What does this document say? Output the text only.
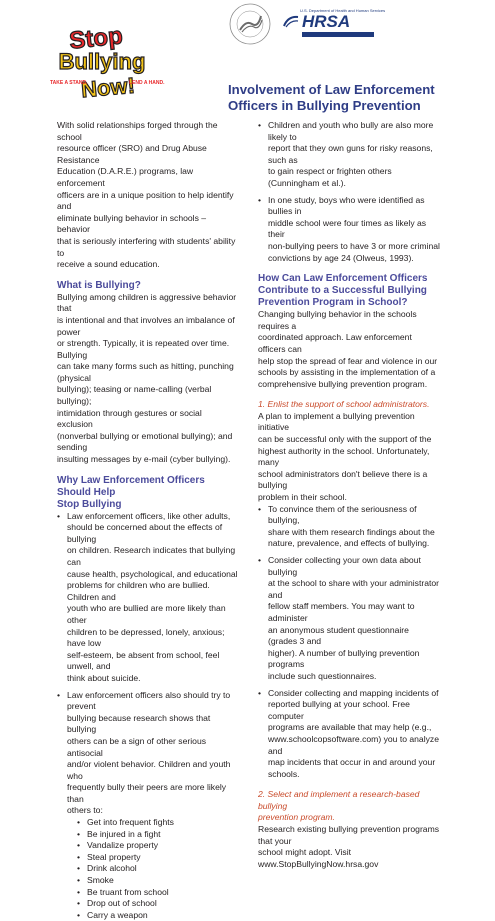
Stop
Bullying
Now!
TAKE A STAND.	LEND A HAND.
U.S. Department of Health and Human Services
HRSA
Health Resources and Services Administration
Involvement of Law Enforcement
Officers in Bullying Prevention
With solid relationships forged through the school
resource officer (SRO) and Drug Abuse Resistance
Education (D.A.R.E.) programs, law enforcement
officers are in a unique position to help identify and
eliminate bullying behavior in schools – behavior
that is seriously interfering with students' ability to
receive a sound education.
What is Bullying?
Bullying among children is aggressive behavior that
is intentional and that involves an imbalance of power
or strength. Typically, it is repeated over time. Bullying
can take many forms such as hitting, punching (physical
bullying); teasing or name-calling (verbal bullying);
intimidation through gestures or social exclusion
(nonverbal bullying or emotional bullying); and sending
insulting messages by e-mail (cyber bullying).
Why Law Enforcement Officers Should Help
Stop Bullying
• Law enforcement officers, like other adults,
should be concerned about the effects of bullying
on children. Research indicates that bullying can
cause health, psychological, and educational
problems for children who are bullied. Children and
youth who are bullied are more likely than other
children to be depressed, lonely, anxious; have low
self-esteem, be absent from school, feel unwell, and
think about suicide.
• Law enforcement officers also should try to prevent
bullying because research shows that bullying
others can be a sign of other serious antisocial
and/or violent behavior. Children and youth who
frequently bully their peers are more likely than
others to:
• Get into frequent fights
• Be injured in a fight
• Vandalize property
• Steal property
• Drink alcohol
• Smoke
• Be truant from school
• Drop out of school
• Carry a weapon
• Children and youth who bully are also more likely to
report that they own guns for risky reasons, such as
to gain respect or frighten others (Cunningham et al.).
• In one study, boys who were identified as bullies in
middle school were four times as likely as their
non-bullying peers to have 3 or more criminal
convictions by age 24 (Olweus, 1993).
How Can Law Enforcement Officers
Contribute to a Successful Bullying
Prevention Program in School?
Changing bullying behavior in the schools requires a
coordinated approach. Law enforcement officers can
help stop the spread of fear and violence in our
schools by assisting in the implementation of a
comprehensive bullying prevention program.
1. Enlist the support of school administrators.
A plan to implement a bullying prevention initiative
can be successful only with the support of the
highest authority in the school. Unfortunately, many
school administrators don't believe there is a bullying
problem in their school.
• To convince them of the seriousness of bullying,
share with them research findings about the
nature, prevalence, and effects of bullying.
• Consider collecting your own data about bullying
at the school to share with your administrator and
fellow staff members. You may want to administer
an anonymous student questionnaire (grades 3 and
higher). A number of bullying prevention programs
include such questionnaires.
• Consider collecting and mapping incidents of
reported bullying at your school. Free computer
programs are available that may help (e.g.,
www.schoolcopsoftware.com) you to analyze and
map incidents that occur in and around your schools.
2. Select and implement a research-based bullying
prevention program.
Research existing bullying prevention programs that your
school might adopt. Visit
www.StopBullyingNow.hrsa.gov
